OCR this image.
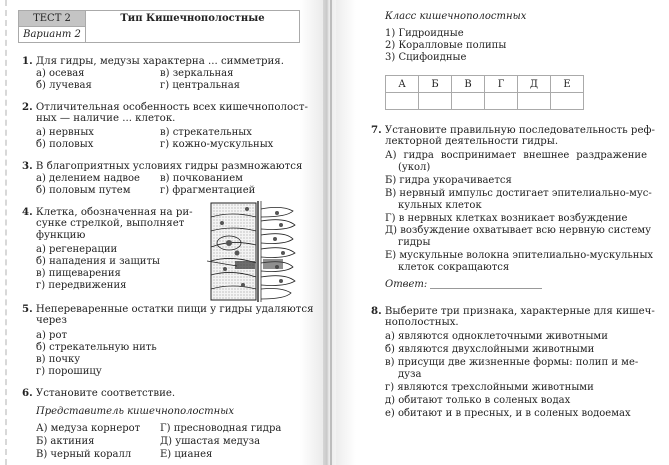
ТЕСТ 2
Вариант 2
Тип Кишечнополостные
1. Для гидры, медузы характерна ... симметрия.
а) осевая
б) лучевая
в) зеркальная
г) центральная
2. Отличительная особенность всех кишечнополост-
ных — наличие ... клеток.
а) нервных
б) половых
в) стрекательных
г) кожно-мускульных
3. В благоприятных условиях гидры размножаются
а) делением надвое
б) половым путем
в) почкованием
г) фрагментацией
4. Клетка, обозначенная на ри-
сунке стрелкой, выполняет
функцию
а) регенерации
б) нападения и защиты
в) пищеварения
г) передвижения
5. Непереваренные остатки пищи у гидры удаляются
через
а) рот
б) стрекательную нить
в) почку
г) порошицу
6. Установите соответствие.
Представитель кишечнополостных
А) медуза корнерот
Б) актиния
В) черный коралл
Г) пресноводная гидра
Д) ушастая медуза
Е) цианея
Класс кишечнополостных
1) Гидроидные
2) Коралловые полипы
3) Сцифоидные
А	Б	В	Г	Д	Е

7. Установите правильную последовательность реф-
лекторной деятельности гидры.
А) гидра воспринимает внешнее раздражение
(укол)
Б) гидра укорачивается
В) нервный импульс достигает эпителиально-мус-
кульных клеток
Г) в нервных клетках возникает возбуждение
Д) возбуждение охватывает всю нервную систему
гидры
Е) мускульные волокна эпителиально-мускульных
клеток сокращаются
Ответ:
8. Выберите три признака, характерные для кишеч-
нополостных.
а) являются одноклеточными животными
б) являются двухслойными животными
в) присущи две жизненные формы: полип и ме-
дуза
г) являются трехслойными животными
д) обитают только в соленых водах
е) обитают и в пресных, и в соленых водоемах
